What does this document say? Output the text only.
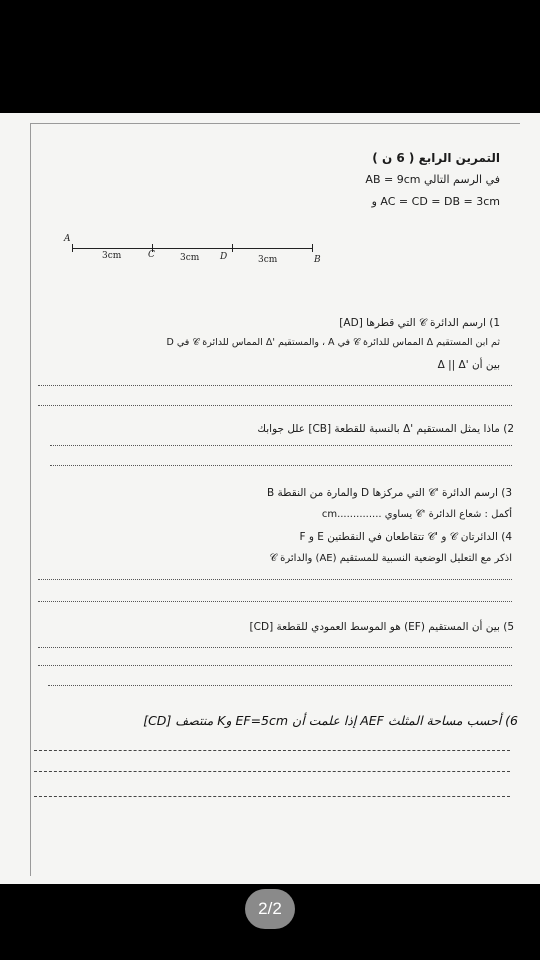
التمرين الرابع ( 6 ن )
في الرسم التالي AB = 9cm
AC = CD = DB = 3cm و
A
C	D	B
3cm	3cm	3cm
1) ارسم الدائرة 𝒞 التي قطرها [AD]
ثم ابن المستقيم Δ المماس للدائرة 𝒞 في A ، والمستقيم 'Δ المماس للدائرة 𝒞 في D
بين أن 'Δ || Δ
2) ماذا يمثل المستقيم 'Δ بالنسبة للقطعة [CB] علل جوابك
3) ارسم الدائرة '𝒞 التي مركزها D والمارة من النقطة B
أكمل : شعاع الدائرة '𝒞 يساوي ..............cm
4) الدائرتان 𝒞 و '𝒞 تتقاطعان في النقطتين E و F
اذكر مع التعليل الوضعية النسبية للمستقيم (AE) والدائرة 𝒞
5) بين أن المستقيم (EF) هو الموسط العمودي للقطعة [CD]
6) أحسب مساحة المثلث AEF إذا علمت أن EF=5cm وK منتصف [CD]
2/2
